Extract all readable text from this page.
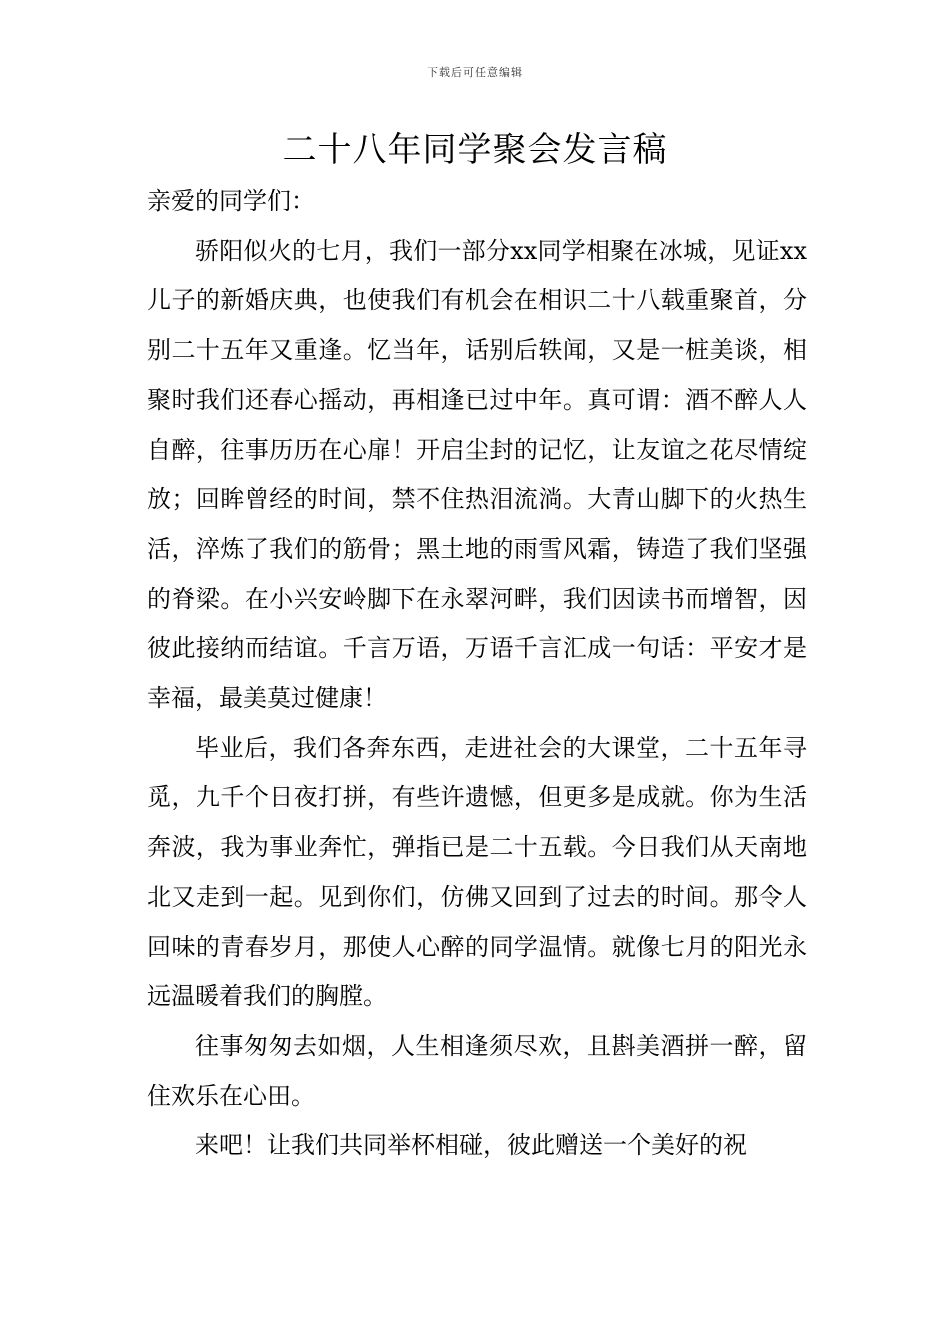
下载后可任意编辑
二十八年同学聚会发言稿

亲爱的同学们：

骄阳似火的七月，我们一部分xx同学相聚在冰城，见证xx儿子的新婚庆典，也使我们有机会在相识二十八载重聚首，分别二十五年又重逢。忆当年，话别后轶闻，又是一桩美谈，相聚时我们还春心摇动，再相逢已过中年。真可谓：酒不醉人人自醉，往事历历在心扉！开启尘封的记忆，让友谊之花尽情绽放；回眸曾经的时间，禁不住热泪流淌。大青山脚下的火热生活，淬炼了我们的筋骨；黑土地的雨雪风霜，铸造了我们坚强的脊梁。在小兴安岭脚下在永翠河畔，我们因读书而增智，因彼此接纳而结谊。千言万语，万语千言汇成一句话：平安才是幸福，最美莫过健康！

毕业后，我们各奔东西，走进社会的大课堂，二十五年寻觅，九千个日夜打拼，有些许遗憾，但更多是成就。你为生活奔波，我为事业奔忙，弹指已是二十五载。今日我们从天南地北又走到一起。见到你们，仿佛又回到了过去的时间。那令人回味的青春岁月，那使人心醉的同学温情。就像七月的阳光永远温暖着我们的胸膛。

往事匆匆去如烟，人生相逢须尽欢，且斟美酒拼一醉，留住欢乐在心田。

来吧！让我们共同举杯相碰，彼此赠送一个美好的祝
